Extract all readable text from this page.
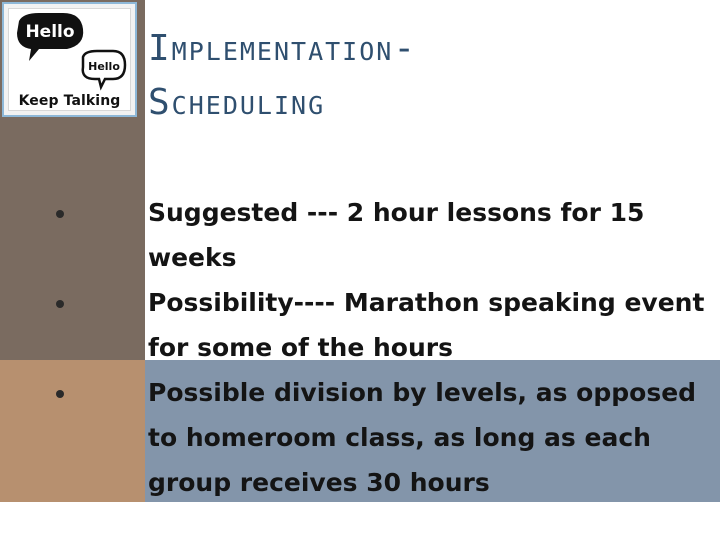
Hello
Hello
Keep Talking
Implementation-
Scheduling
Suggested --- 2 hour lessons for 15 weeks
Possibility---- Marathon speaking event for some of the hours
Possible division by levels, as opposed to homeroom class, as long as each group receives 30 hours
